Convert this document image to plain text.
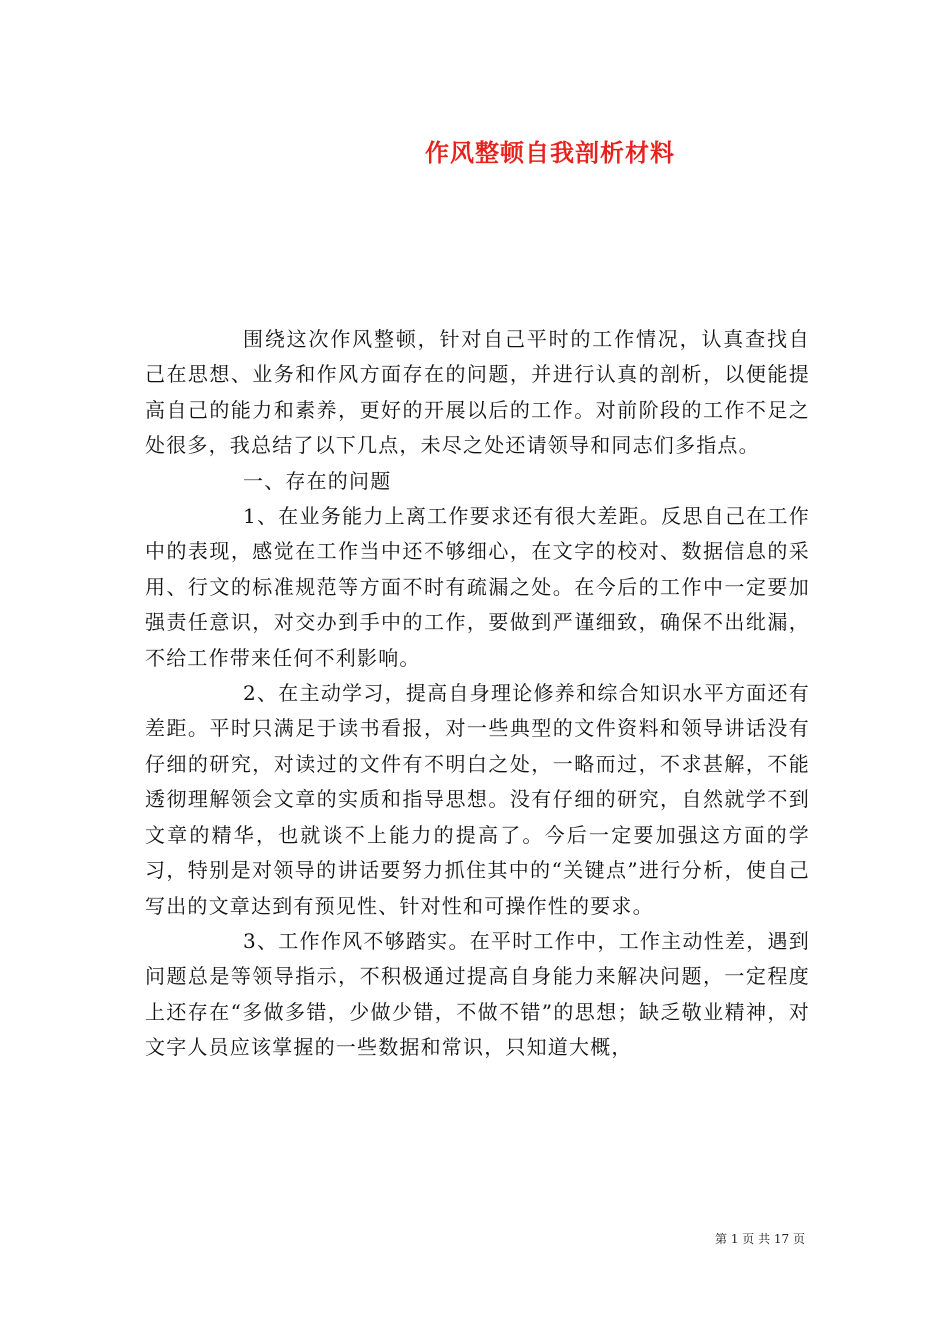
作风整顿自我剖析材料

围绕这次作风整顿，针对自己平时的工作情况，认真查找自己在思想、业务和作风方面存在的问题，并进行认真的剖析，以便能提高自己的能力和素养，更好的开展以后的工作。对前阶段的工作不足之处很多，我总结了以下几点，未尽之处还请领导和同志们多指点。

一、存在的问题

1、在业务能力上离工作要求还有很大差距。反思自己在工作中的表现，感觉在工作当中还不够细心，在文字的校对、数据信息的采用、行文的标准规范等方面不时有疏漏之处。在今后的工作中一定要加强责任意识，对交办到手中的工作，要做到严谨细致，确保不出纰漏，不给工作带来任何不利影响。

2、在主动学习，提高自身理论修养和综合知识水平方面还有差距。平时只满足于读书看报，对一些典型的文件资料和领导讲话没有仔细的研究，对读过的文件有不明白之处，一略而过，不求甚解，不能透彻理解领会文章的实质和指导思想。没有仔细的研究，自然就学不到文章的精华，也就谈不上能力的提高了。今后一定要加强这方面的学习，特别是对领导的讲话要努力抓住其中的“关键点”进行分析，使自己写出的文章达到有预见性、针对性和可操作性的要求。

3、工作作风不够踏实。在平时工作中，工作主动性差，遇到问题总是等领导指示，不积极通过提高自身能力来解决问题，一定程度上还存在“多做多错，少做少错，不做不错”的思想；缺乏敬业精神，对文字人员应该掌握的一些数据和常识，只知道大概，

第 1 页 共 17 页
